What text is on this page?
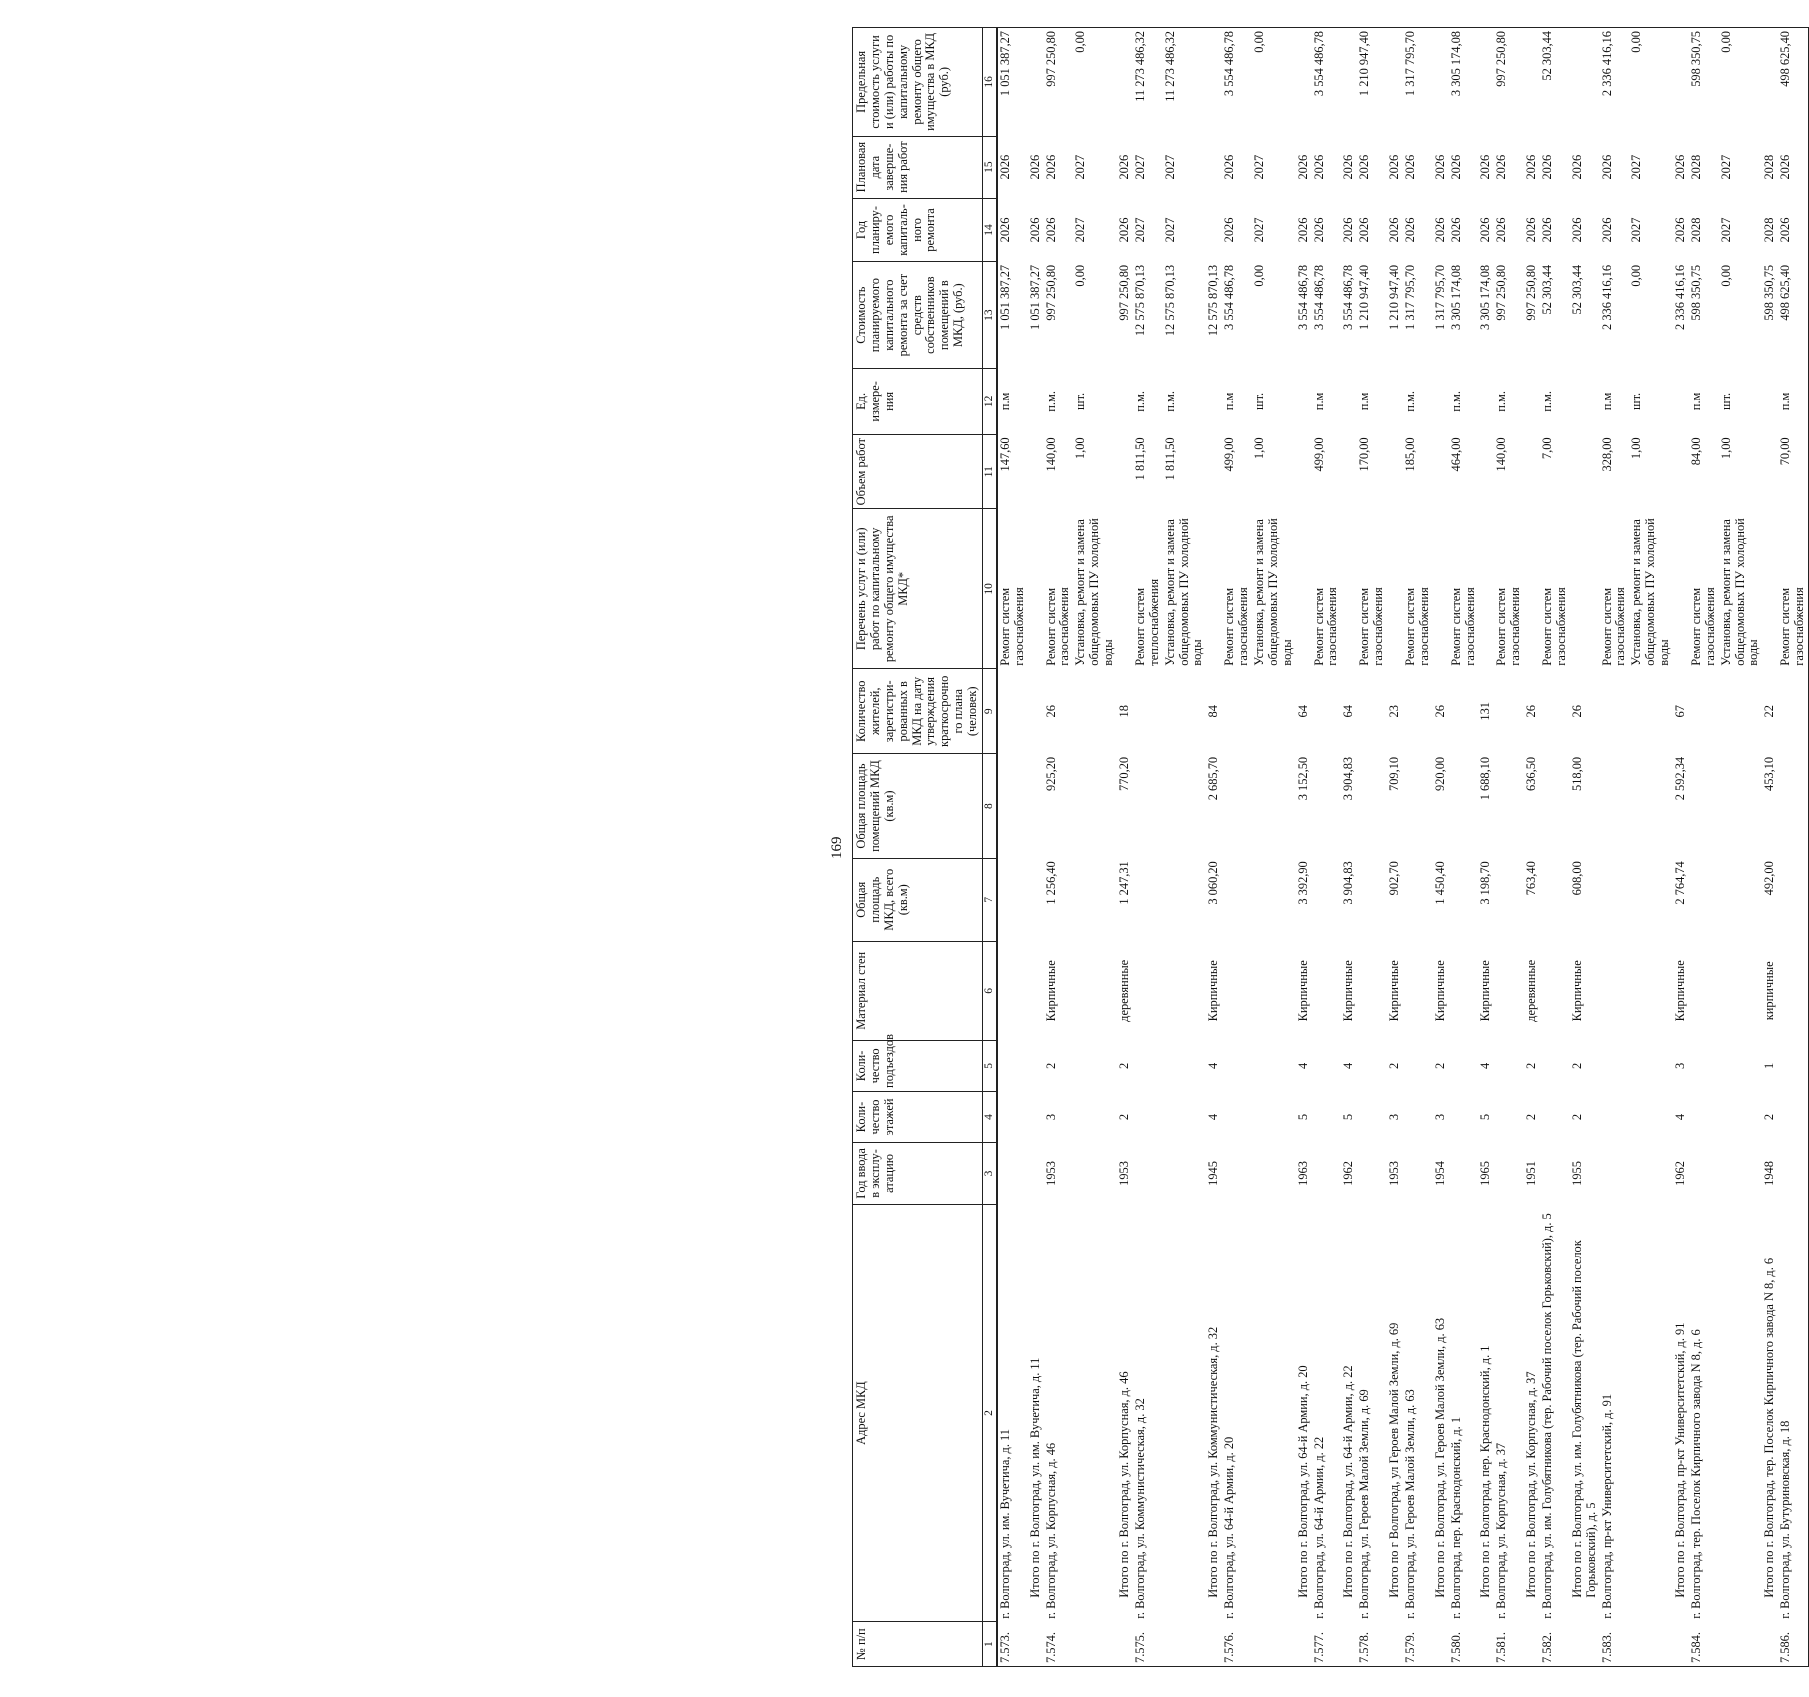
169
№ п/п	Адрес МКД	Год ввода в эксплу-атацию	Коли-чество этажей	Коли-чество подъездов	Материал стен	Общая площадь МКД, всего (кв.м)	Общая площадь помещений МКД (кв.м)	Количество жителей, зарегистри-рованных в МКД на дату утверждения краткосрочно го плана (человек)	Перечень услуг и (или) работ по капитальному ремонту общего имущества МКД*	Объем работ	Ед. измере-ния	Стоимость планируемого капитального ремонта за счет средств собственников помещений в МКД, (руб.)	Год планиру-емого капиталь-ного ремонта	Плановая дата заверше-ния работ	Предельная стоимость услуги и (или) работы по капитальному ремонту общего имущества в МКД (руб.)
1	2	3	4	5	6	7	8	9	10	11	12	13	14	15	16
7.573.	г. Волгоград, ул. им. Вучетича, д. 11								Ремонт систем газоснабжения	147,60	п.м	1 051 387,27	2026	2026	1 051 387,27
	Итого по г. Волгоград, ул. им. Вучетича, д. 11											1 051 387,27	2026	2026	
7.574.	г. Волгоград, ул. Корпусная, д. 46	1953	3	2	Кирпичные	1 256,40	925,20	26	Ремонт систем газоснабжения	140,00	п.м.	997 250,80	2026	2026	997 250,80
									Установка, ремонт и замена общедомовых ПУ холодной воды	1,00	шт.	0,00	2027	2027	0,00
	Итого по г. Волгоград, ул. Корпусная, д. 46	1953	2	2	деревянные	1 247,31	770,20	18				997 250,80	2026	2026	
7.575.	г. Волгоград, ул. Коммунистическая, д. 32								Ремонт систем теплоснабжения	1 811,50	п.м.	12 575 870,13	2027	2027	11 273 486,32
									Установка, ремонт и замена общедомовых ПУ холодной воды	1 811,50	п.м.	12 575 870,13	2027	2027	11 273 486,32
	Итого по г. Волгоград, ул. Коммунистическая, д. 32	1945	4	4	Кирпичные	3 060,20	2 685,70	84				12 575 870,13			
7.576.	г. Волгоград, ул. 64-й Армии, д. 20								Ремонт систем газоснабжения	499,00	п.м	3 554 486,78	2026	2026	3 554 486,78
									Установка, ремонт и замена общедомовых ПУ холодной воды	1,00	шт.	0,00	2027	2027	0,00
	Итого по г. Волгоград, ул. 64-й Армии, д. 20	1963	5	4	Кирпичные	3 392,90	3 152,50	64				3 554 486,78	2026	2026	
7.577.	г. Волгоград, ул. 64-й Армии, д. 22								Ремонт систем газоснабжения	499,00	п.м	3 554 486,78	2026	2026	3 554 486,78
	Итого по г. Волгоград, ул. 64-й Армии, д. 22	1962	5	4	Кирпичные	3 904,83	3 904,83	64				3 554 486,78	2026	2026	
7.578.	г. Волгоград, ул. Героев Малой Земли, д. 69								Ремонт систем газоснабжения	170,00	п.м	1 210 947,40	2026	2026	1 210 947,40
	Итого по г Волгоград, ул Героев Малой Земли, д. 69	1953	3	2	Кирпичные	902,70	709,10	23				1 210 947,40	2026	2026	
7.579.	г. Волгоград, ул. Героев Малой Земли, д. 63								Ремонт систем газоснабжения	185,00	п.м.	1 317 795,70	2026	2026	1 317 795,70
	Итого по г. Волгоград, ул. Героев Малой Земли, д. 63	1954	3	2	Кирпичные	1 450,40	920,00	26				1 317 795,70	2026	2026	
7.580.	г. Волгоград, пер. Краснодонский, д. 1								Ремонт систем газоснабжения	464,00	п.м.	3 305 174,08	2026	2026	3 305 174,08
	Итого по г. Волгоград, пер. Краснодонский, д. 1	1965	5	4	Кирпичные	3 198,70	1 688,10	131				3 305 174,08	2026	2026	
7.581.	г. Волгоград, ул. Корпусная, д. 37								Ремонт систем газоснабжения	140,00	п.м.	997 250,80	2026	2026	997 250,80
	Итого по г. Волгоград, ул. Корпусная, д. 37	1951	2	2	деревянные	763,40	636,50	26				997 250,80	2026	2026	
7.582.	г. Волгоград, ул. им. Голубятникова (тер. Рабочий поселок Горьковский), д. 5								Ремонт систем газоснабжения	7,00	п.м.	52 303,44	2026	2026	52 303,44
	Итого по г. Волгоград, ул. им. Голубятникова (тер. Рабочий поселок Горьковский), д. 5	1955	2	2	Кирпичные	608,00	518,00	26				52 303,44	2026	2026	
7.583.	г. Волгоград, пр-кт Университетский, д. 91								Ремонт систем газоснабжения	328,00	п.м	2 336 416,16	2026	2026	2 336 416,16
									Установка, ремонт и замена общедомовых ПУ холодной воды	1,00	шт.	0,00	2027	2027	0,00
	Итого по г. Волгоград, пр-кт Университетский, д. 91	1962	4	3	Кирпичные	2 764,74	2 592,34	67				2 336 416,16	2026	2026	
7.584.	г. Волгоград, тер. Поселок Кирпичного завода N 8, д. 6								Ремонт систем газоснабжения	84,00	п.м	598 350,75	2028	2028	598 350,75
									Установка, ремонт и замена общедомовых ПУ холодной воды	1,00	шт.	0,00	2027	2027	0,00
	Итого по г. Волгоград, тер. Поселок Кирпичного завода N 8, д. 6	1948	2	1	кирпичные	492,00	453,10	22				598 350,75	2028	2028	
7.586.	г. Волгоград, ул. Бутуриновская, д. 18								Ремонт систем газоснабжения	70,00	п.м	498 625,40	2026	2026	498 625,40
